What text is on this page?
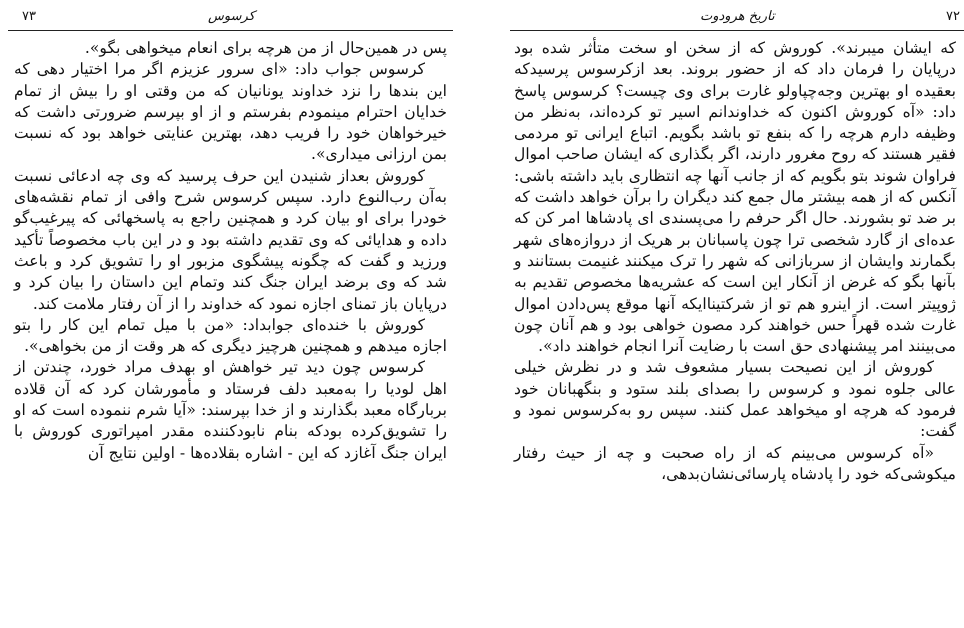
۷۳	کرسوس

پس در همین‌حال از من هرچه برای انعام میخواهی بگو».

کرسوس جواب داد: «ای سرور عزیزم اگر مرا اختیار دهی که این بندها را نزد خداوند یونانیان که من وقتی او را بیش از تمام خدایان احترام مینمودم بفرستم و از او بپرسم ضرورتی داشت که خیرخواهان خود را فریب دهد، بهترین عنایتی خواهد بود که نسبت بمن ارزانی میداری».

کوروش بعداز شنیدن این حرف پرسید که وی چه ادعائی نسبت به‌آن رب‌النوع دارد. سپس کرسوس شرح وافی از تمام نقشه‌های خودرا برای او بیان کرد و همچنین راجع به پاسخهائی که پیرغیب‌گو داده و هدایائی که وی تقدیم داشته بود و در این باب مخصوصاً تأکید ورزید و گفت که چگونه پیشگوی مزبور او را تشویق کرد و باعث شد که وی برضد ایران جنگ کند وتمام این داستان را بیان کرد و درپایان باز تمنای اجازه نمود که خداوند را از آن رفتار ملامت کند.

کوروش با خنده‌ای جوابداد: «من با میل تمام این کار را بتو اجازه میدهم و همچنین هرچیز دیگری که هر وقت از من بخواهی».

کرسوس چون دید تیر خواهش او بهدف مراد خورد، چندتن از اهل لودیا را به‌معبد دلف فرستاد و مأمورشان کرد که آن قلاده بربارگاه معبد بگذارند و از خدا بپرسند: «آیا شرم ننموده است که او را تشویق‌کرده بودکه بنام نابودکننده مقدر امپراتوری کوروش با ایران جنگ آغازد که این - اشاره بقلاده‌ها - اولین نتایج آن

۷۲
تاریخ هرودوت

که ایشان میبرند». کوروش که از سخن او سخت متأثر شده بود درپایان را فرمان داد که از حضور بروند. بعد ازکرسوس پرسیدکه بعقیده او بهترین وجه‌چپاولو غارت برای وی چیست؟ کرسوس پاسخ داد: «آه کوروش اکنون که خداوندانم اسیر تو کرده‌اند، به‌نظر من وظیفه دارم هرچه را که بنفع تو باشد بگویم. اتباع ایرانی تو مردمی فقیر هستند که روح مغرور دارند، اگر بگذاری که ایشان صاحب اموال فراوان شوند بتو بگویم که از جانب آنها چه انتظاری باید داشته باشی: آنکس که از همه بیشتر مال جمع کند دیگران را برآن خواهد داشت که بر ضد تو بشورند. حال اگر حرفم را می‌پسندی ای پادشاها امر کن که عده‌ای از گارد شخصی ترا چون پاسبانان بر هریک از دروازه‌های شهر بگمارند وایشان از سربازانی که شهر را ترک میکنند غنیمت بستانند و بآنها بگو که غرض از آنکار این است که عشریه‌ها مخصوص تقدیم به ژوپیتر است. از اینرو هم تو از شرکتیناایکه آنها موقع پس‌دادن اموال غارت شده قهراً حس خواهند کرد مصون خواهی بود و هم آنان چون می‌بینند امر پیشنهادی حق است با رضایت آنرا انجام خواهند داد».

کوروش از این نصیحت بسیار مشعوف شد و در نظرش خیلی عالی جلوه نمود و کرسوس را بصدای بلند ستود و بنگهبانان خود فرمود که هرچه او میخواهد عمل کنند. سپس رو به‌کرسوس نمود و گفت:

«آه کرسوس می‌بینم که از راه صحبت و چه از حیث رفتار میکوشی‌که خود را پادشاه پارسائی‌نشان‌بدهی،
